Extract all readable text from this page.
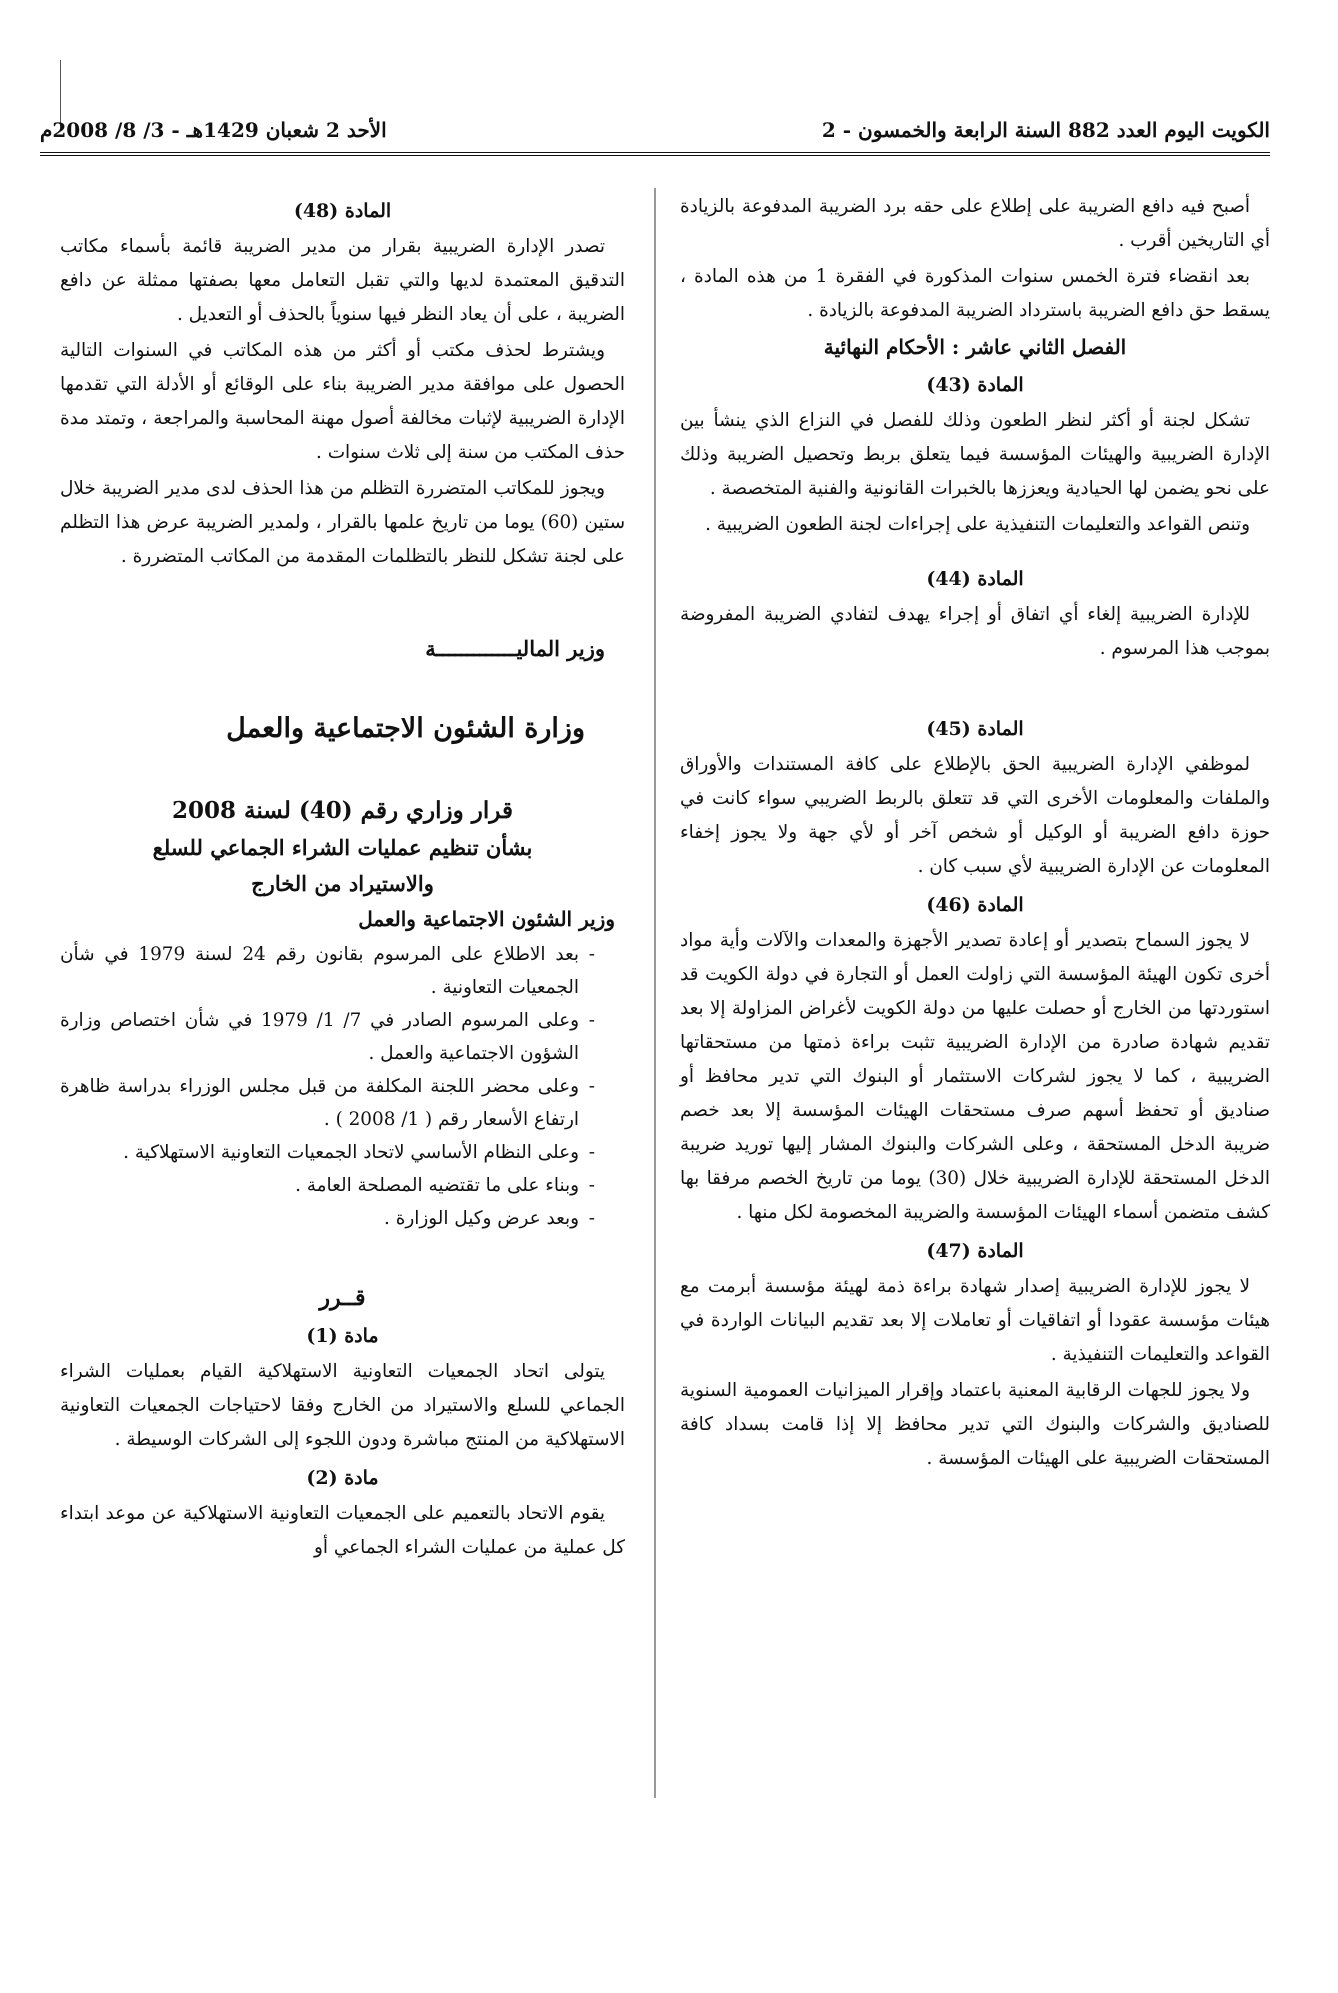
الكويت اليوم العدد 882 السنة الرابعة والخمسون - 2
الأحد 2 شعبان 1429هـ - 3/ 8/ 2008م

أصبح فيه دافع الضريبة على إطلاع على حقه برد الضريبة المدفوعة بالزيادة أي التاريخين أقرب .

بعد انقضاء فترة الخمس سنوات المذكورة في الفقرة 1 من هذه المادة ، يسقط حق دافع الضريبة باسترداد الضريبة المدفوعة بالزيادة .

الفصل الثاني عاشر : الأحكام النهائية
المادة (43)

تشكل لجنة أو أكثر لنظر الطعون وذلك للفصل في النزاع الذي ينشأ بين الإدارة الضريبية والهيئات المؤسسة فيما يتعلق بربط وتحصيل الضريبة وذلك على نحو يضمن لها الحيادية ويعززها بالخبرات القانونية والفنية المتخصصة .

وتنص القواعد والتعليمات التنفيذية على إجراءات لجنة الطعون الضريبية .

المادة (44)

للإدارة الضريبية إلغاء أي اتفاق أو إجراء يهدف لتفادي الضريبة المفروضة بموجب هذا المرسوم .

المادة (45)

لموظفي الإدارة الضريبية الحق بالإطلاع على كافة المستندات والأوراق والملفات والمعلومات الأخرى التي قد تتعلق بالربط الضريبي سواء كانت في حوزة دافع الضريبة أو الوكيل أو شخص آخر أو لأي جهة ولا يجوز إخفاء المعلومات عن الإدارة الضريبية لأي سبب كان .

المادة (46)

لا يجوز السماح بتصدير أو إعادة تصدير الأجهزة والمعدات والآلات وأية مواد أخرى تكون الهيئة المؤسسة التي زاولت العمل أو التجارة في دولة الكويت قد استوردتها من الخارج أو حصلت عليها من دولة الكويت لأغراض المزاولة إلا بعد تقديم شهادة صادرة من الإدارة الضريبية تثبت براءة ذمتها من مستحقاتها الضريبية ، كما لا يجوز لشركات الاستثمار أو البنوك التي تدير محافظ أو صناديق أو تحفظ أسهم صرف مستحقات الهيئات المؤسسة إلا بعد خصم ضريبة الدخل المستحقة ، وعلى الشركات والبنوك المشار إليها توريد ضريبة الدخل المستحقة للإدارة الضريبية خلال (30) يوما من تاريخ الخصم مرفقا بها كشف متضمن أسماء الهيئات المؤسسة والضريبة المخصومة لكل منها .

المادة (47)

لا يجوز للإدارة الضريبية إصدار شهادة براءة ذمة لهيئة مؤسسة أبرمت مع هيئات مؤسسة عقودا أو اتفاقيات أو تعاملات إلا بعد تقديم البيانات الواردة في القواعد والتعليمات التنفيذية .

ولا يجوز للجهات الرقابية المعنية باعتماد وإقرار الميزانيات العمومية السنوية للصناديق والشركات والبنوك التي تدير محافظ إلا إذا قامت بسداد كافة المستحقات الضريبية على الهيئات المؤسسة .

المادة (48)

تصدر الإدارة الضريبية بقرار من مدير الضريبة قائمة بأسماء مكاتب التدقيق المعتمدة لديها والتي تقبل التعامل معها بصفتها ممثلة عن دافع الضريبة ، على أن يعاد النظر فيها سنوياً بالحذف أو التعديل .

ويشترط لحذف مكتب أو أكثر من هذه المكاتب في السنوات التالية الحصول على موافقة مدير الضريبة بناء على الوقائع أو الأدلة التي تقدمها الإدارة الضريبية لإثبات مخالفة أصول مهنة المحاسبة والمراجعة ، وتمتد مدة حذف المكتب من سنة إلى ثلاث سنوات .

ويجوز للمكاتب المتضررة التظلم من هذا الحذف لدى مدير الضريبة خلال ستين (60) يوما من تاريخ علمها بالقرار ، ولمدير الضريبة عرض هذا التظلم على لجنة تشكل للنظر بالتظلمات المقدمة من المكاتب المتضررة .

وزير الماليـــــــــــــة
وزارة الشئون الاجتماعية والعمل
قرار وزاري رقم (40) لسنة 2008
بشأن تنظيم عمليات الشراء الجماعي للسلع
والاستيراد من الخارج
وزير الشئون الاجتماعية والعمل
- بعد الاطلاع على المرسوم بقانون رقم 24 لسنة 1979 في شأن الجمعيات التعاونية .
- وعلى المرسوم الصادر في 7/ 1/ 1979 في شأن اختصاص وزارة الشؤون الاجتماعية والعمل .
- وعلى محضر اللجنة المكلفة من قبل مجلس الوزراء بدراسة ظاهرة ارتفاع الأسعار رقم ( 1/ 2008 ) .
- وعلى النظام الأساسي لاتحاد الجمعيات التعاونية الاستهلاكية .
- وبناء على ما تقتضيه المصلحة العامة .
- وبعد عرض وكيل الوزارة .
قــرر
مادة (1)

يتولى اتحاد الجمعيات التعاونية الاستهلاكية القيام بعمليات الشراء الجماعي للسلع والاستيراد من الخارج وفقا لاحتياجات الجمعيات التعاونية الاستهلاكية من المنتج مباشرة ودون اللجوء إلى الشركات الوسيطة .

مادة (2)

يقوم الاتحاد بالتعميم على الجمعيات التعاونية الاستهلاكية عن موعد ابتداء كل عملية من عمليات الشراء الجماعي أو
